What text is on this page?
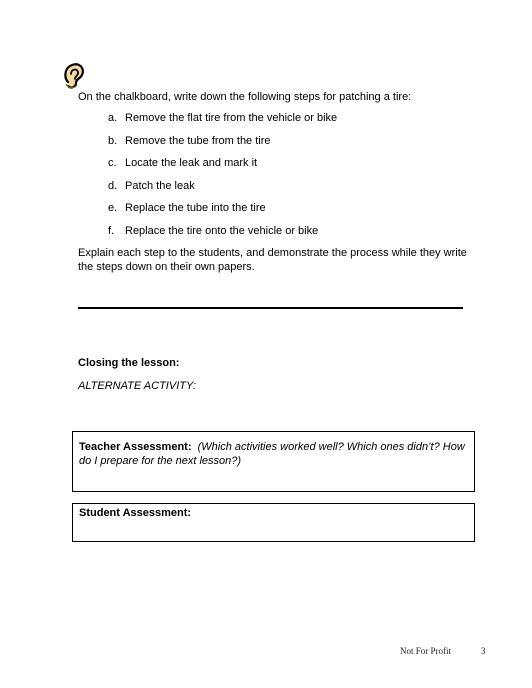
On the chalkboard, write down the following steps for patching a tire:
a. Remove the flat tire from the vehicle or bike
b. Remove the tube from the tire
c. Locate the leak and mark it
d. Patch the leak
e. Replace the tube into the tire
f. Replace the tire onto the vehicle or bike
Explain each step to the students, and demonstrate the process while they write the steps down on their own papers.
Closing the lesson:
ALTERNATE ACTIVITY:
Teacher Assessment: (Which activities worked well? Which ones didn’t? How do I prepare for the next lesson?)
Student Assessment:
Not For Profit	3
